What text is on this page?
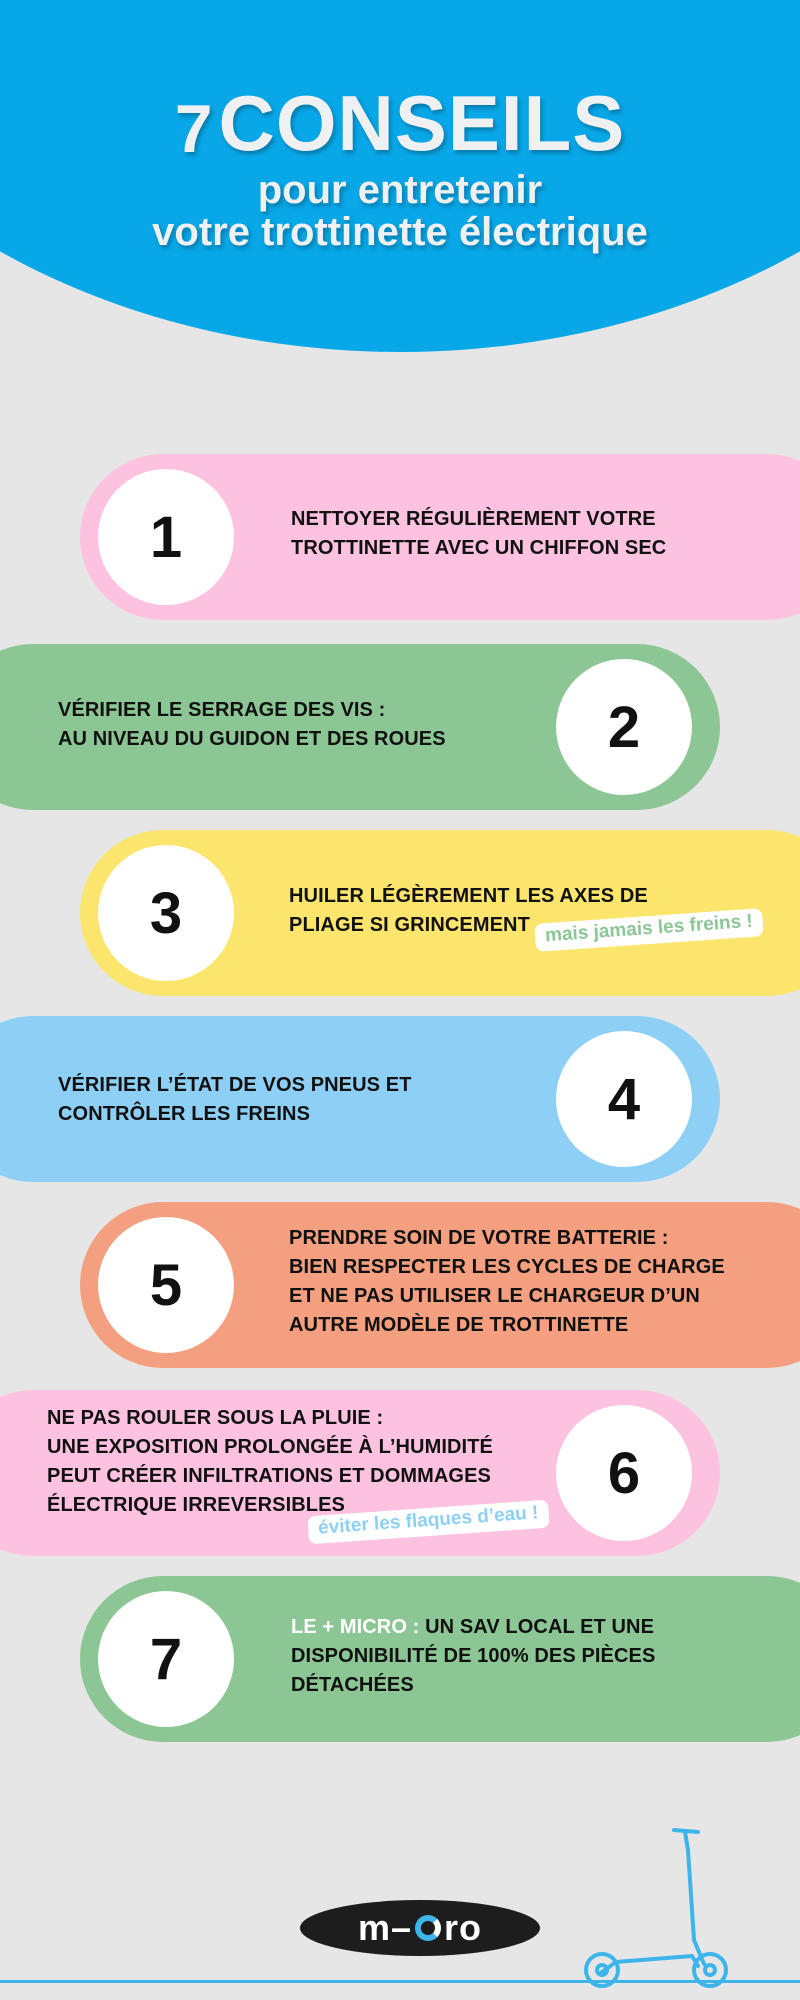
7CONSEILS
pour entretenir
votre trottinette électrique
1	NETTOYER RÉGULIÈREMENT VOTRE
TROTTINETTE AVEC UN CHIFFON SEC
2
VÉRIFIER LE SERRAGE DES VIS :
AU NIVEAU DU GUIDON ET DES ROUES
3	HUILER LÉGÈREMENT LES AXES DE
PLIAGE SI GRINCEMENT mais jamais les freins !
4
VÉRIFIER L’ÉTAT DE VOS PNEUS ET
CONTRÔLER LES FREINS
5
PRENDRE SOIN DE VOTRE BATTERIE :
BIEN RESPECTER LES CYCLES DE CHARGE
ET NE PAS UTILISER LE CHARGEUR D’UN
AUTRE MODÈLE DE TROTTINETTE
6
NE PAS ROULER SOUS LA PLUIE :
UNE EXPOSITION PROLONGÉE À L’HUMIDITÉ
PEUT CRÉER INFILTRATIONS ET DOMMAGES
ÉLECTRIQUE IRREVERSIBLES
éviter les flaques d’eau !
7	LE + MICRO : UN SAV LOCAL ET UNE
DISPONIBILITÉ DE 100% DES PIÈCES
DÉTACHÉES
m– ro
